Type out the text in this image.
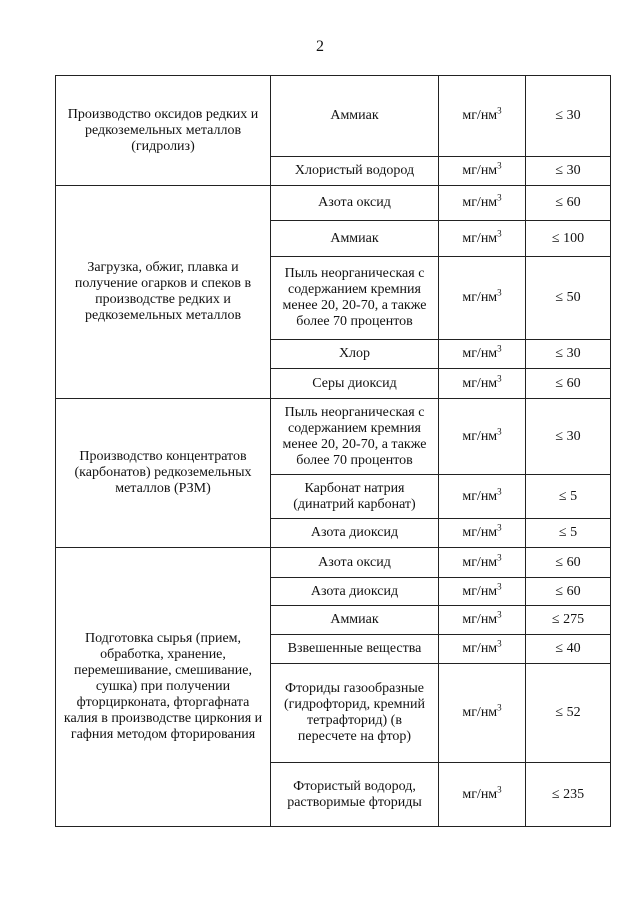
2
Производство оксидов редких и редкоземельных металлов (гидролиз)	Аммиак	$мг/нм^3$	≤ 30
	Хлористый водород	$мг/нм^3$	≤ 30
Загрузка, обжиг, плавка и получение огарков и спеков в производстве редких и редкоземельных металлов	Азота оксид	$мг/нм^3$	≤ 60
	Аммиак	$мг/нм^3$	≤ 100
	Пыль неорганическая с содержанием кремния менее 20, 20-70, а также более 70 процентов	$мг/нм^3$	≤ 50
	Хлор	$мг/нм^3$	≤ 30
	Серы диоксид	$мг/нм^3$	≤ 60
Производство концентратов (карбонатов) редкоземельных металлов (РЗМ)	Пыль неорганическая с содержанием кремния менее 20, 20-70, а также более 70 процентов	$мг/нм^3$	≤ 30
	Карбонат натрия (динатрий карбонат)	$мг/нм^3$	≤ 5
	Азота диоксид	$мг/нм^3$	≤ 5
Подготовка сырья (прием, обработка, хранение, перемешивание, смешивание, сушка) при получении фторцирконата, фторгафната калия в производстве циркония и гафния методом фторирования	Азота оксид	$мг/нм^3$	≤ 60
	Азота диоксид	$мг/нм^3$	≤ 60
	Аммиак	$мг/нм^3$	≤ 275
	Взвешенные вещества	$мг/нм^3$	≤ 40
	Фториды газообразные (гидрофторид, кремний тетрафторид) (в пересчете на фтор)	$мг/нм^3$	≤ 52
	Фтористый водород, растворимые фториды	$мг/нм^3$	≤ 235
